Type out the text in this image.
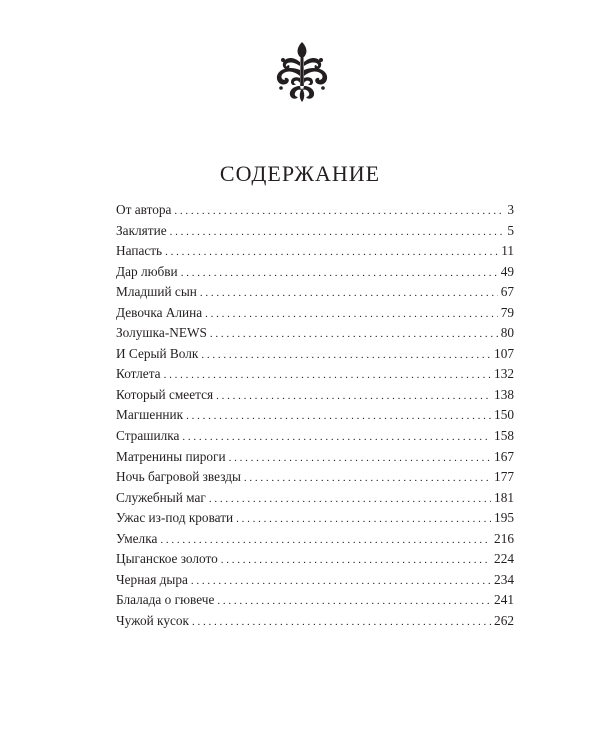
СОДЕРЖАНИЕ
От автора . . .	3
Заклятие . . .	5
Напасть . . .	11
Дар любви . . .	49
Младший сын . . .	67
Девочка Алина . . .	79
Золушка-NEWS . . .	80
И Серый Волк . . .	107
Котлета . . .	132
Который смеется . . .	138
Магшенник . . .	150
Страшилка . . .	158
Матренины пироги . . .	167
Ночь багровой звезды . . .	177
Служебный маг . . .	181
Ужас из-под кровати . . .	195
Умелка . . .	216
Цыганское золото . . .	224
Черная дыра . . .	234
Блалада о гювече . . .	241
Чужой кусок . . .	262
